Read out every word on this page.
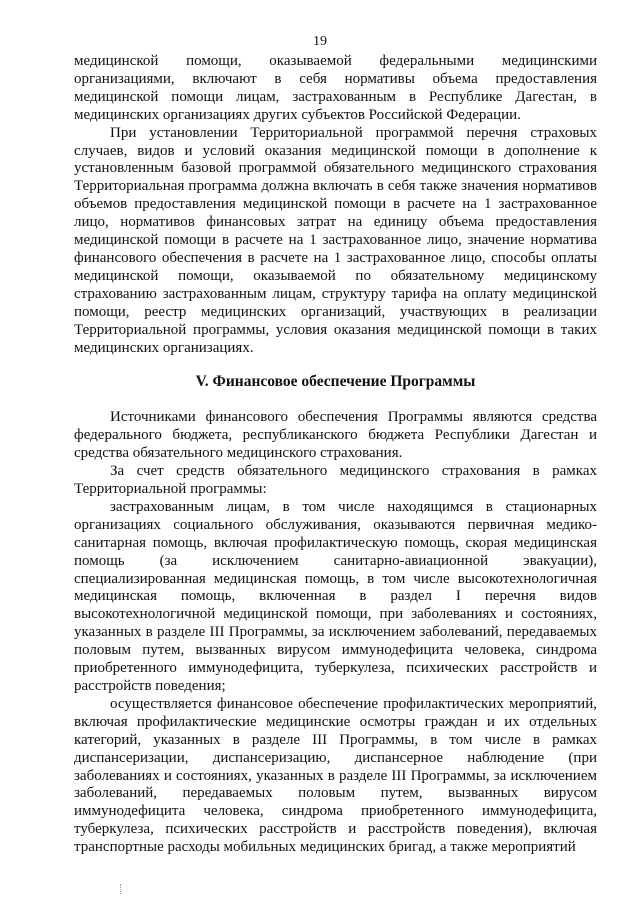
19

медицинской помощи, оказываемой федеральными медицинскими организациями, включают в себя нормативы объема предоставления медицинской помощи лицам, застрахованным в Республике Дагестан, в медицинских организациях других субъектов Российской Федерации.

При установлении Территориальной программой перечня страховых случаев, видов и условий оказания медицинской помощи в дополнение к установленным базовой программой обязательного медицинского страхования Территориальная программа должна включать в себя также значения нормативов объемов предоставления медицинской помощи в расчете на 1 застрахованное лицо, нормативов финансовых затрат на единицу объема предоставления медицинской помощи в расчете на 1 застрахованное лицо, значение норматива финансового обеспечения в расчете на 1 застрахованное лицо, способы оплаты медицинской помощи, оказываемой по обязательному медицинскому страхованию застрахованным лицам, структуру тарифа на оплату медицинской помощи, реестр медицинских организаций, участвующих в реализации Территориальной программы, условия оказания медицинской помощи в таких медицинских организациях.

V. Финансовое обеспечение Программы

Источниками финансового обеспечения Программы являются средства федерального бюджета, республиканского бюджета Республики Дагестан и средства обязательного медицинского страхования.

За счет средств обязательного медицинского страхования в рамках Территориальной программы:

застрахованным лицам, в том числе находящимся в стационарных организациях социального обслуживания, оказываются первичная медико-санитарная помощь, включая профилактическую помощь, скорая медицинская помощь (за исключением санитарно-авиационной эвакуации), специализированная медицинская помощь, в том числе высокотехнологичная медицинская помощь, включенная в раздел I перечня видов высокотехнологичной медицинской помощи, при заболеваниях и состояниях, указанных в разделе III Программы, за исключением заболеваний, передаваемых половым путем, вызванных вирусом иммунодефицита человека, синдрома приобретенного иммунодефицита, туберкулеза, психических расстройств и расстройств поведения;

осуществляется финансовое обеспечение профилактических мероприятий, включая профилактические медицинские осмотры граждан и их отдельных категорий, указанных в разделе III Программы, в том числе в рамках диспансеризации, диспансеризацию, диспансерное наблюдение (при заболеваниях и состояниях, указанных в разделе III Программы, за исключением заболеваний, передаваемых половым путем, вызванных вирусом иммунодефицита человека, синдрома приобретенного иммунодефицита, туберкулеза, психических расстройств и расстройств поведения), включая транспортные расходы мобильных медицинских бригад, а также мероприятий
